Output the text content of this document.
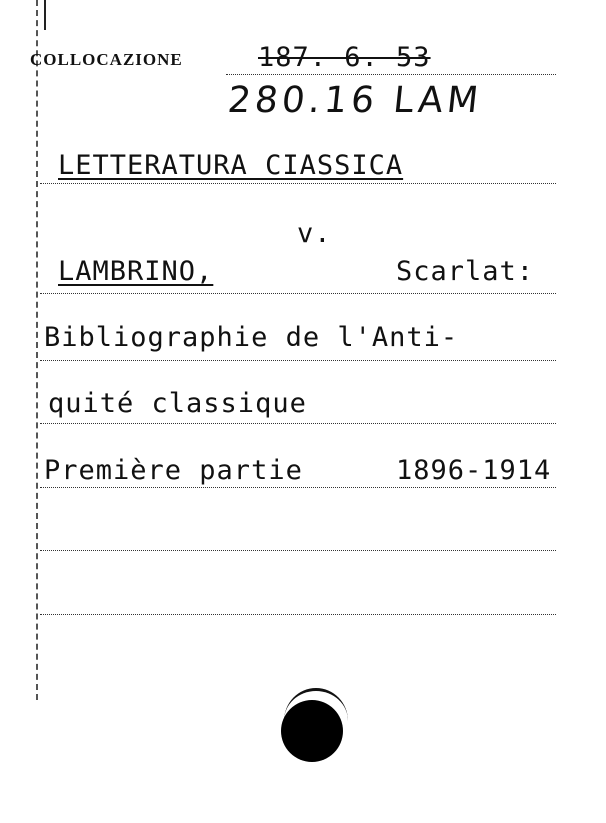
COLLOCAZIONE	187. 6. 53
280.16 LAM
LETTERATURA CIASSICA
v.
LAMBRINO,	Scarlat:
Bibliographie de l'Anti-
quité classique
Première partie	1896-1914
